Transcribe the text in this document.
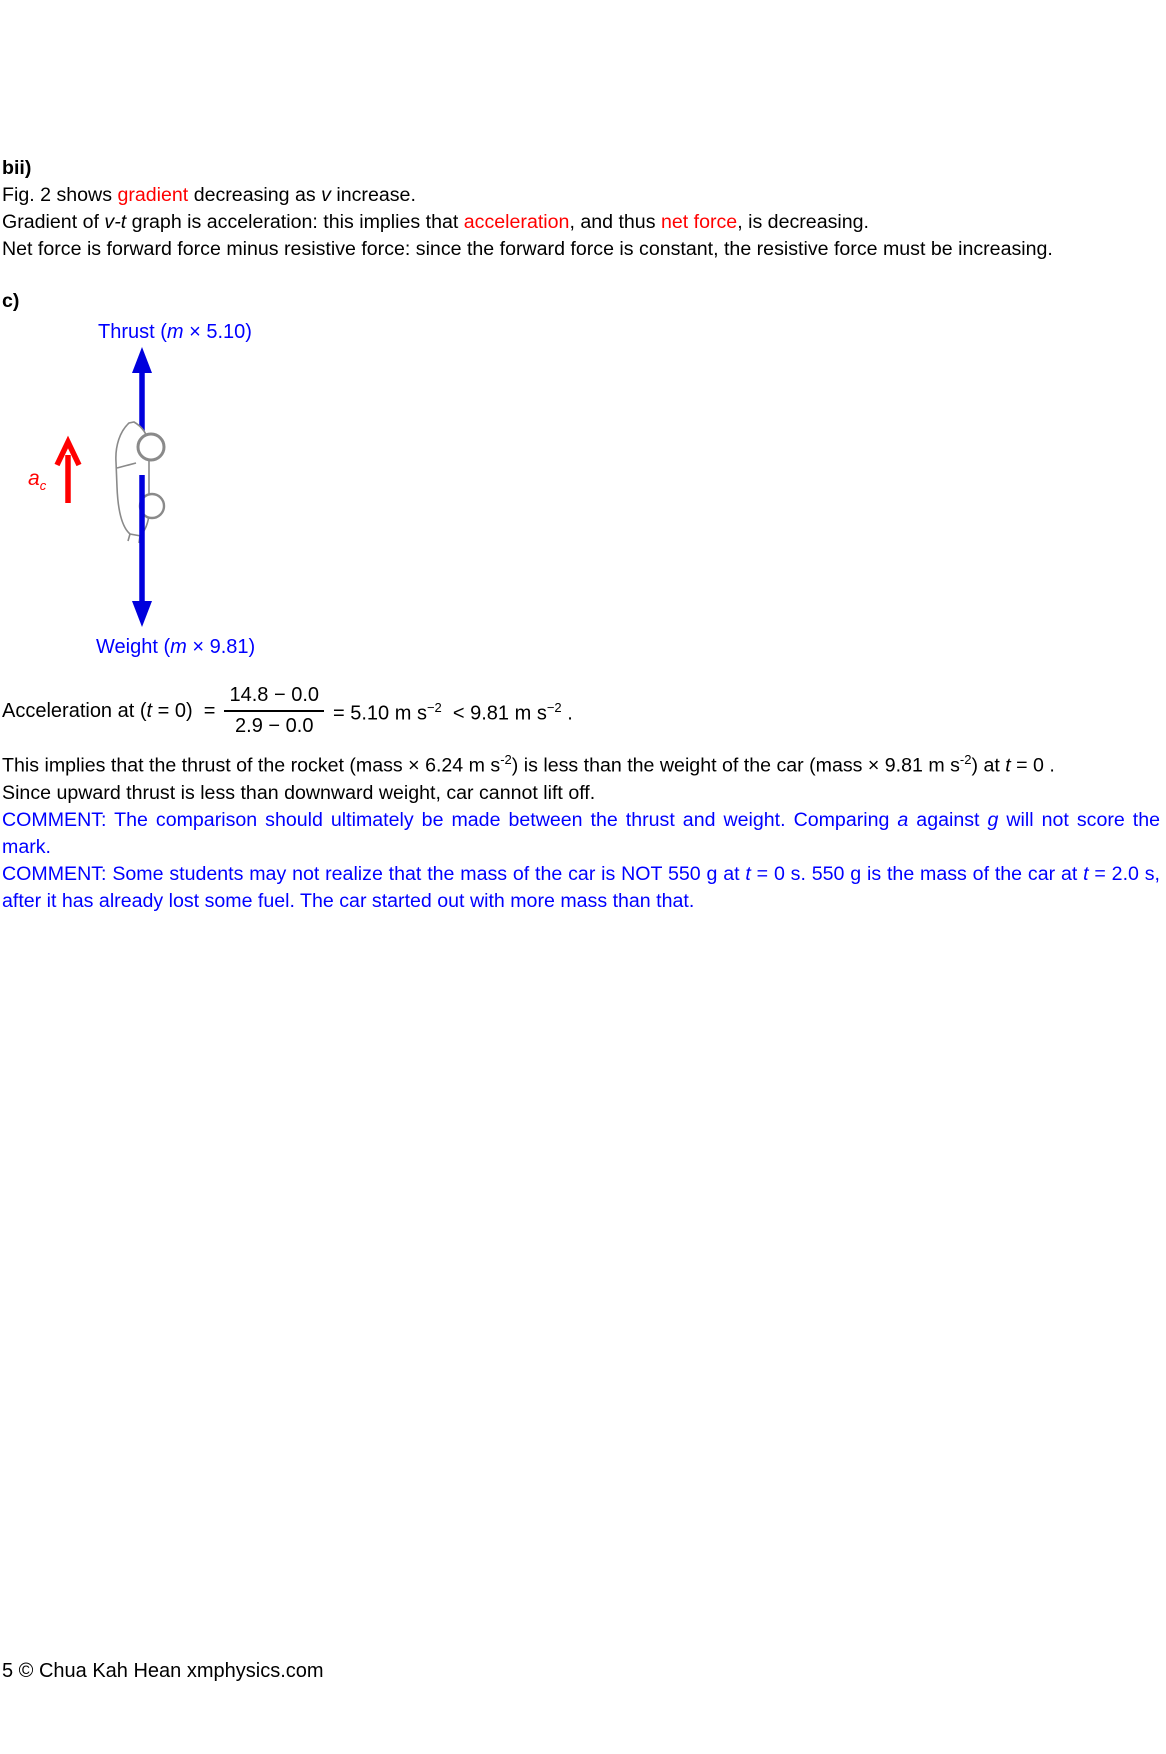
bii)

Fig. 2 shows gradient decreasing as v increase.

Gradient of v-t graph is acceleration: this implies that acceleration, and thus net force, is decreasing.

Net force is forward force minus resistive force: since the forward force is constant, the resistive force must be increasing.

c)

Thrust (m × 5.10)
$a_c$
Weight (m × 9.81)
Acceleration at $(t = 0) = \frac{14.8 - 0.0}{2.9 - 0.0} = 5.10$ m $s^{-2} < 9.81$ m $s^{-2}$ .

This implies that the thrust of the rocket (mass × 6.24 m $s^{-2}$) is less than the weight of the car (mass × 9.81 m $s^{-2}$) at t = 0 .

Since upward thrust is less than downward weight, car cannot lift off.

COMMENT: The comparison should ultimately be made between the thrust and weight. Comparing a against g will not score the mark.

COMMENT: Some students may not realize that the mass of the car is NOT 550 g at t = 0 s. 550 g is the mass of the car at t = 2.0 s, after it has already lost some fuel. The car started out with more mass than that.

5 © Chua Kah Hean xmphysics.com
